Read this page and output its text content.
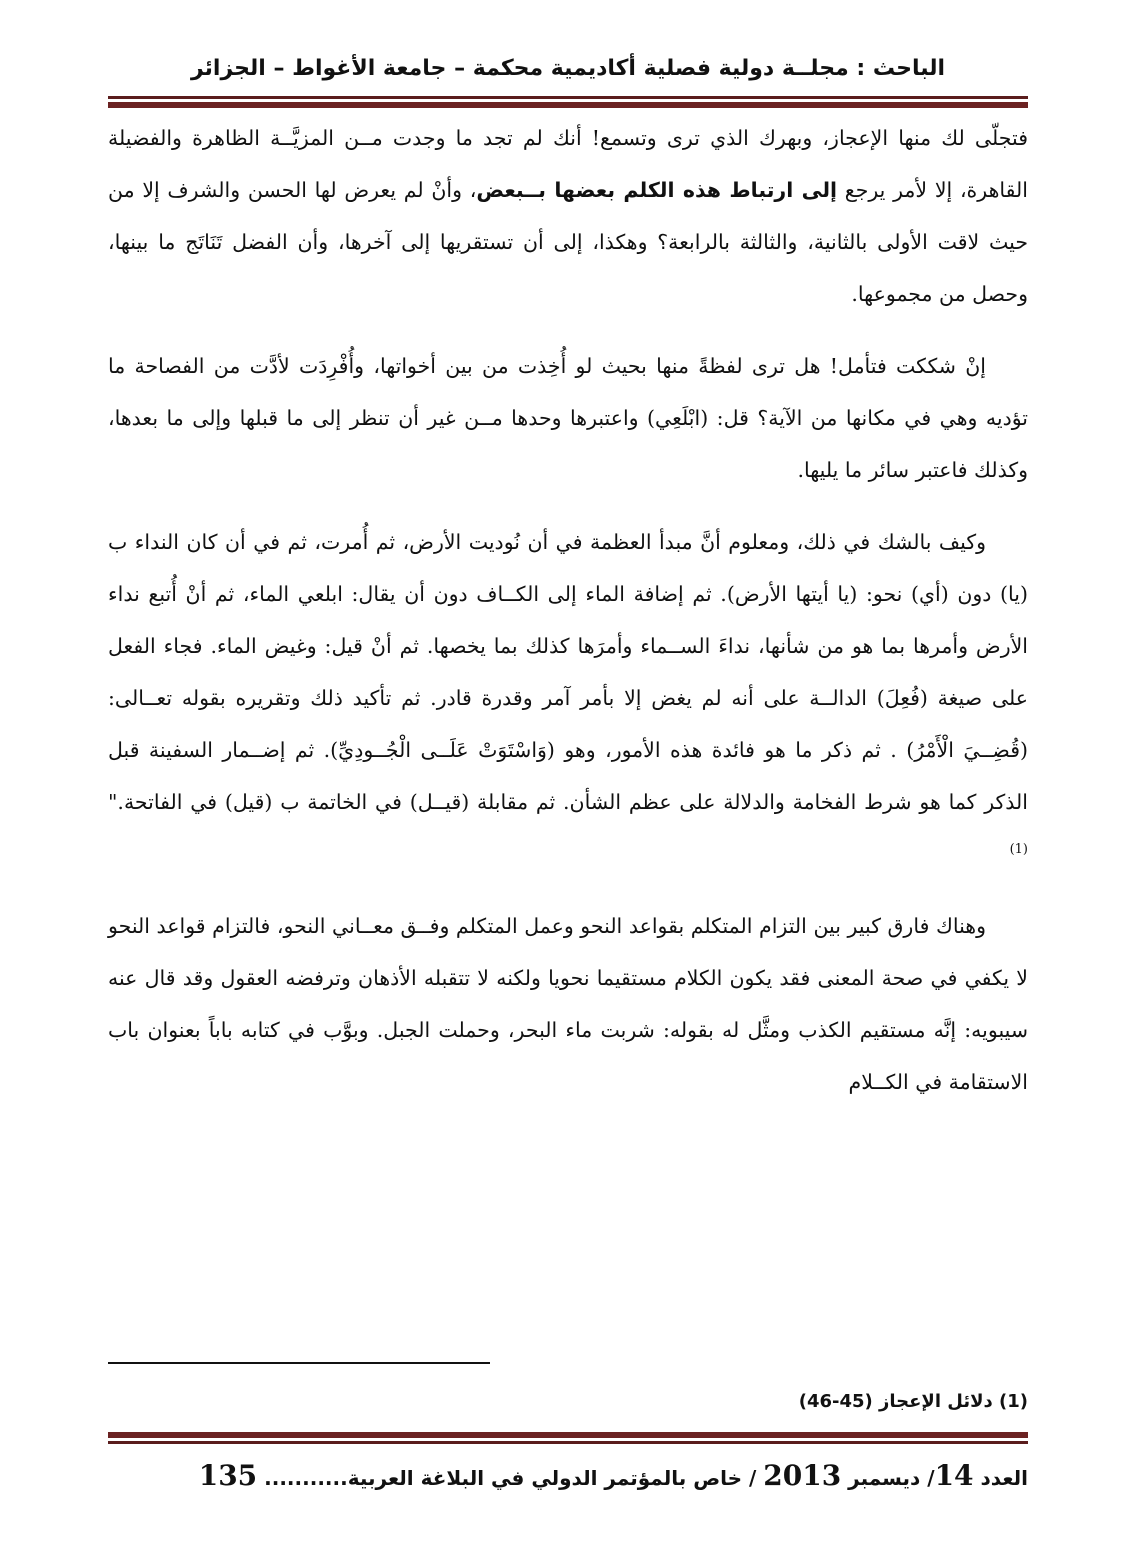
الباحث : مجلــة دولية فصلية أكاديمية محكمة – جامعة الأغواط – الجزائر

فتجلّى لك منها الإعجاز، وبهرك الذي ترى وتسمع! أنك لم تجد ما وجدت مــن المزيَّــة الظاهرة والفضيلة القاهرة، إلا لأمر يرجع إلى ارتباط هذه الكلم بعضها بــبعض، وأنْ لم يعرض لها الحسن والشرف إلا من حيث لاقت الأولى بالثانية، والثالثة بالرابعة؟ وهكذا، إلى أن تستقريها إلى آخرها، وأن الفضل تَنَاتَج ما بينها، وحصل من مجموعها.

إنْ شككت فتأمل! هل ترى لفظةً منها بحيث لو أُخِذت من بين أخواتها، وأُفْرِدَت لأدَّت من الفصاحة ما تؤديه وهي في مكانها من الآية؟ قل: (ابْلَعِي) واعتبرها وحدها مــن غير أن تنظر إلى ما قبلها وإلى ما بعدها، وكذلك فاعتبر سائر ما يليها.

وكيف بالشك في ذلك، ومعلوم أنَّ مبدأ العظمة في أن نُوديت الأرض، ثم أُمرت، ثم في أن كان النداء ب (يا) دون (أي) نحو: (يا أيتها الأرض). ثم إضافة الماء إلى الكــاف دون أن يقال: ابلعي الماء، ثم أنْ أُتبع نداء الأرض وأمرها بما هو من شأنها، نداءَ الســماء وأمرَها كذلك بما يخصها. ثم أنْ قيل: وغيض الماء. فجاء الفعل على صيغة (فُعِلَ) الدالــة على أنه لم يغض إلا بأمر آمر وقدرة قادر. ثم تأكيد ذلك وتقريره بقوله تعــالى: (قُضِــيَ الْأَمْرُ) . ثم ذكر ما هو فائدة هذه الأمور، وهو (وَاسْتَوَتْ عَلَــى الْجُــودِيِّ). ثم إضــمار السفينة قبل الذكر كما هو شرط الفخامة والدلالة على عظم الشأن. ثم مقابلة (قيــل) في الخاتمة ب (قيل) في الفاتحة." $^{(1)}$

وهناك فارق كبير بين التزام المتكلم بقواعد النحو وعمل المتكلم وفــق معــاني النحو، فالتزام قواعد النحو لا يكفي في صحة المعنى فقد يكون الكلام مستقيما نحويا ولكنه لا تتقبله الأذهان وترفضه العقول وقد قال عنه سيبويه: إنَّه مستقيم الكذب ومثَّل له بقوله: شربت ماء البحر، وحملت الجبل. وبوَّب في كتابه باباً بعنوان باب الاستقامة في الكــلام

(1) دلائل الإعجاز (45-46)
العدد 14/ ديسمبر 2013 / خاص بالمؤتمر الدولي في البلاغة العربية........... 135
